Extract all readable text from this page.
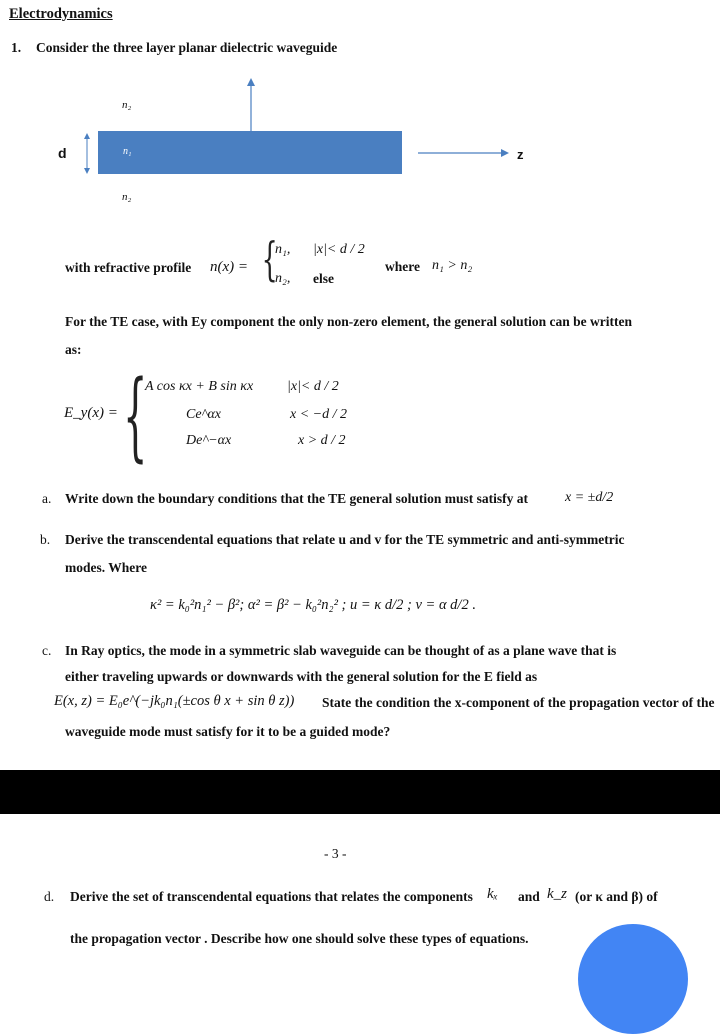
Electrodynamics
1. Consider the three layer planar dielectric waveguide
n₂
n₁
n₂
d	z
with refractive profile n(x) = {
n₁, |x|< d / 2
n₂, else
where n₁ > n₂
For the TE case, with Ey component the only non-zero element, the general solution can be written
as:
E_y(x) = {
A cos κx + B sin κx |x|< d / 2
Ce^αx	x < −d / 2
De^−αx	x > d / 2
a. Write down the boundary conditions that the TE general solution must satisfy at	x = ±d/2
b. Derive the transcendental equations that relate u and v for the TE symmetric and anti-symmetric
modes. Where
κ² = k₀²n₁² − β²; α² = β² − k₀²n₂² ; u = κ d/2 ; v = α d/2 .
c. In Ray optics, the mode in a symmetric slab waveguide can be thought of as a plane wave that is
either traveling upwards or downwards with the general solution for the E field as
E(x, z) = E₀e^(−jk₀n₁(±cos θ x + sin θ z)) State the condition the x-component of the propagation vector of the
waveguide mode must satisfy for it to be a guided mode?
- 3 -
d. Derive the set of transcendental equations that relates the components kₓ and k_z (or κ and β) of
the propagation vector . Describe how one should solve these types of equations.
